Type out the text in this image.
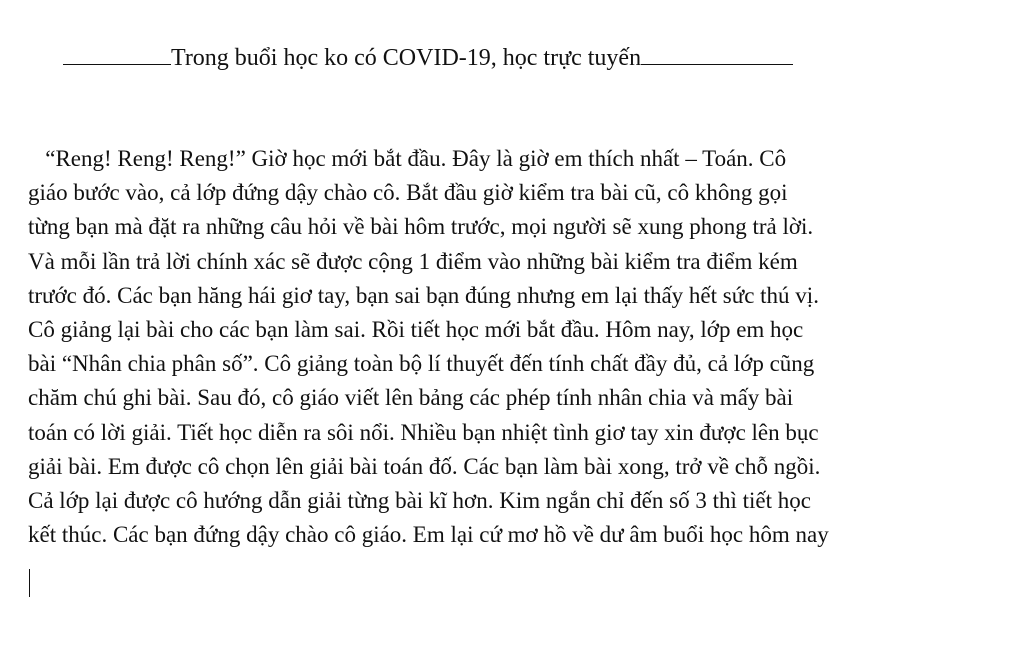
Trong buổi học ko có COVID-19, học trực tuyến
“Reng! Reng! Reng!” Giờ học mới bắt đầu. Đây là giờ em thích nhất – Toán. Cô
giáo bước vào, cả lớp đứng dậy chào cô. Bắt đầu giờ kiểm tra bài cũ, cô không gọi
từng bạn mà đặt ra những câu hỏi về bài hôm trước, mọi người sẽ xung phong trả lời.
Và mỗi lần trả lời chính xác sẽ được cộng 1 điểm vào những bài kiểm tra điểm kém
trước đó. Các bạn hăng hái giơ tay, bạn sai bạn đúng nhưng em lại thấy hết sức thú vị.
Cô giảng lại bài cho các bạn làm sai. Rồi tiết học mới bắt đầu. Hôm nay, lớp em học
bài “Nhân chia phân số”. Cô giảng toàn bộ lí thuyết đến tính chất đầy đủ, cả lớp cũng
chăm chú ghi bài. Sau đó, cô giáo viết lên bảng các phép tính nhân chia và mấy bài
toán có lời giải. Tiết học diễn ra sôi nổi. Nhiều bạn nhiệt tình giơ tay xin được lên bục
giải bài. Em được cô chọn lên giải bài toán đố. Các bạn làm bài xong, trở về chỗ ngồi.
Cả lớp lại được cô hướng dẫn giải từng bài kĩ hơn. Kim ngắn chỉ đến số 3 thì tiết học
kết thúc. Các bạn đứng dậy chào cô giáo. Em lại cứ mơ hồ về dư âm buổi học hôm nay
